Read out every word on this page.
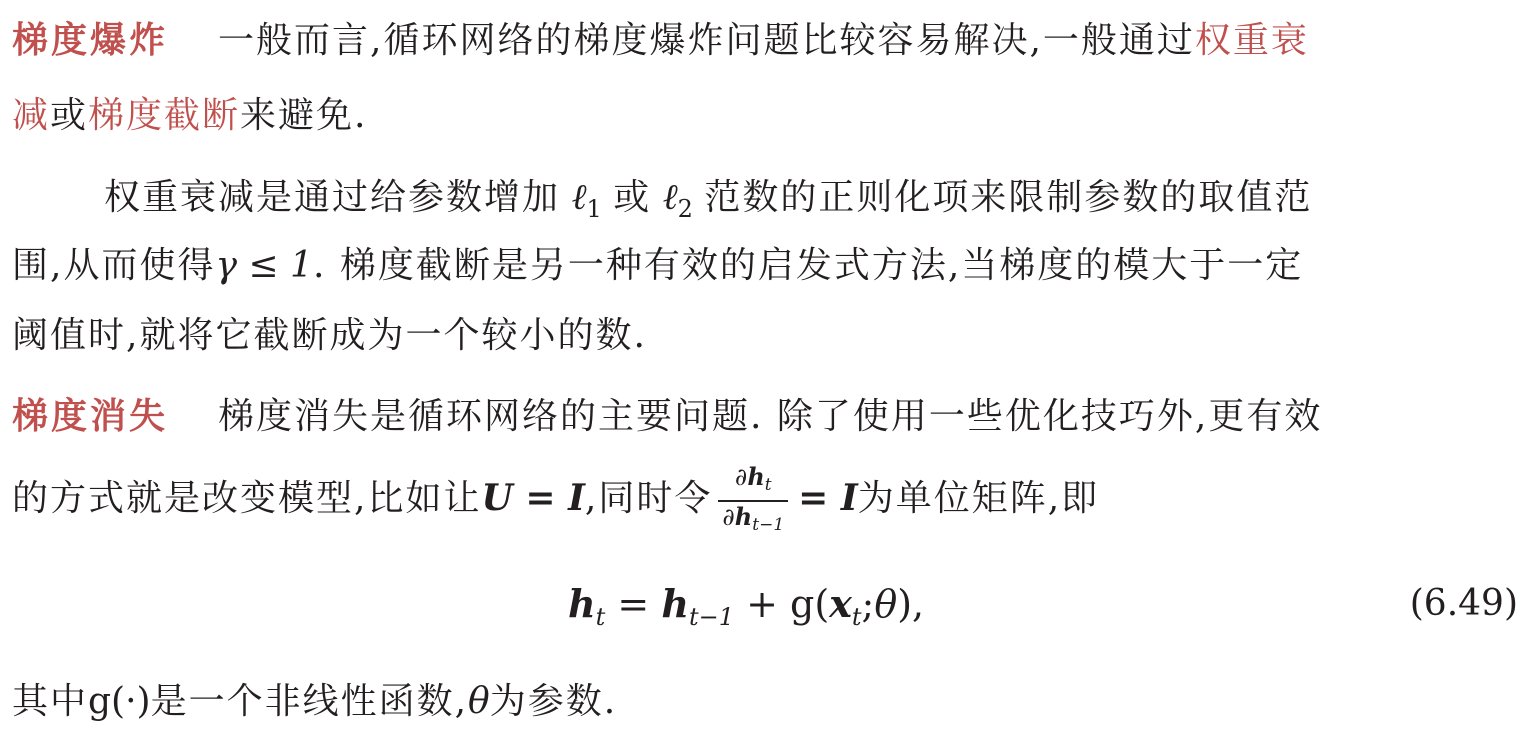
梯度爆炸 一般而言,循环网络的梯度爆炸问题比较容易解决,一般通过权重衰
减或梯度截断来避免.
权重衰减是通过给参数增加 ℓ$_1$ 或 ℓ$_2$ 范数的正则化项来限制参数的取值范
围,从而使得γ ≤ 1. 梯度截断是另一种有效的启发式方法,当梯度的模大于一定
阈值时,就将它截断成为一个较小的数.
梯度消失 梯度消失是循环网络的主要问题. 除了使用一些优化技巧外,更有效
的方式就是改变模型,比如让U = I,同时令 $\frac{\partial h_t}{\partial h_{t-1}} = I$为单位矩阵,即
$h_t = h_{t-1}$ + $g(x_t;\theta)$,	(6.49)
其中g(·)是一个非线性函数,θ为参数.
